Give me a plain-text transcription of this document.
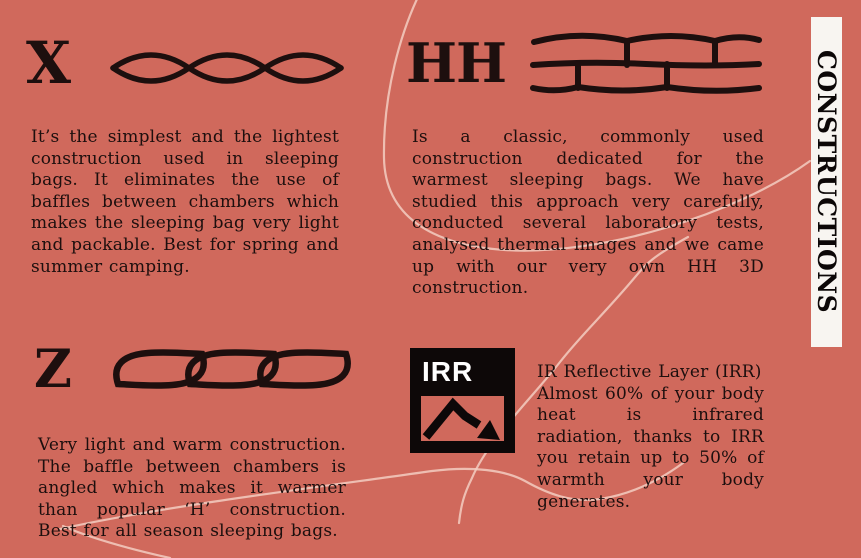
X

It’s the simplest and the lightest construction used in sleeping bags. It eliminates the use of baffles between chambers which makes the sleeping bag very light and packable. Best for spring and summer camping.

HH

Is a classic, commonly used construction dedicated for the warmest sleeping bags. We have studied this approach very carefully, conducted several laboratory tests, analysed thermal images and we came up with our very own HH 3D construction.

Z

Very light and warm construction. The baffle between chambers is angled which makes it warmer than popular ‘H’ construction. Best for all season sleeping bags.

IRR	IR Reflective Layer (IRR)
Almost 60% of your body heat is infrared radiation, thanks to IRR you retain up to 50% of warmth your body generates.

CONSTRUCTIONS
